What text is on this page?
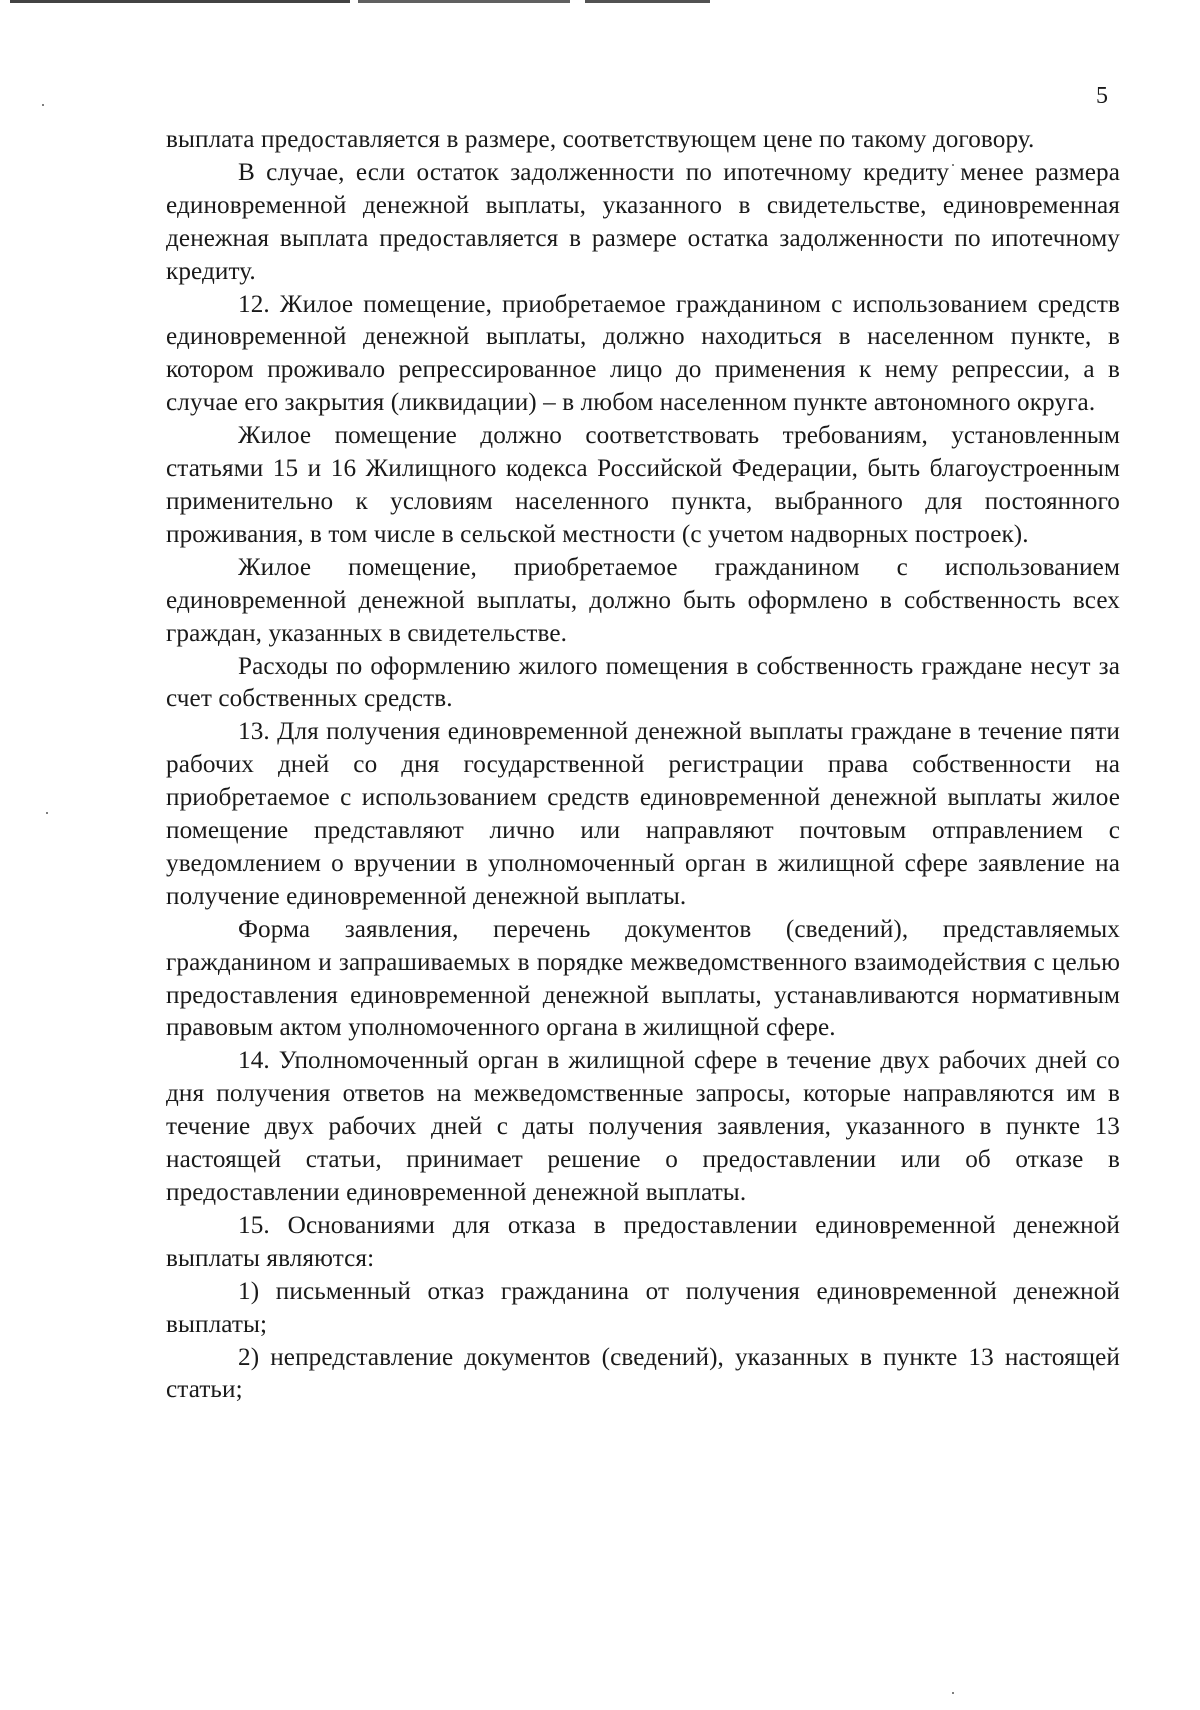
5

выплата предоставляется в размере, соответствующем цене по такому договору.

В случае, если остаток задолженности по ипотечному кредиту менее размера единовременной денежной выплаты, указанного в свидетельстве, единовременная денежная выплата предоставляется в размере остатка задолженности по ипотечному кредиту.

12. Жилое помещение, приобретаемое гражданином с использованием средств единовременной денежной выплаты, должно находиться в населенном пункте, в котором проживало репрессированное лицо до применения к нему репрессии, а в случае его закрытия (ликвидации) – в любом населенном пункте автономного округа.

Жилое помещение должно соответствовать требованиям, установленным статьями 15 и 16 Жилищного кодекса Российской Федерации, быть благоустроенным применительно к условиям населенного пункта, выбранного для постоянного проживания, в том числе в сельской местности (с учетом надворных построек).

Жилое помещение, приобретаемое гражданином с использованием единовременной денежной выплаты, должно быть оформлено в собственность всех граждан, указанных в свидетельстве.

Расходы по оформлению жилого помещения в собственность граждане несут за счет собственных средств.

13. Для получения единовременной денежной выплаты граждане в течение пяти рабочих дней со дня государственной регистрации права собственности на приобретаемое с использованием средств единовременной денежной выплаты жилое помещение представляют лично или направляют почтовым отправлением с уведомлением о вручении в уполномоченный орган в жилищной сфере заявление на получение единовременной денежной выплаты.

Форма заявления, перечень документов (сведений), представляемых гражданином и запрашиваемых в порядке межведомственного взаимодействия с целью предоставления единовременной денежной выплаты, устанавливаются нормативным правовым актом уполномоченного органа в жилищной сфере.

14. Уполномоченный орган в жилищной сфере в течение двух рабочих дней со дня получения ответов на межведомственные запросы, которые направляются им в течение двух рабочих дней с даты получения заявления, указанного в пункте 13 настоящей статьи, принимает решение о предоставлении или об отказе в предоставлении единовременной денежной выплаты.

15. Основаниями для отказа в предоставлении единовременной денежной выплаты являются:

1) письменный отказ гражданина от получения единовременной денежной выплаты;

2) непредставление документов (сведений), указанных в пункте 13 настоящей статьи;
